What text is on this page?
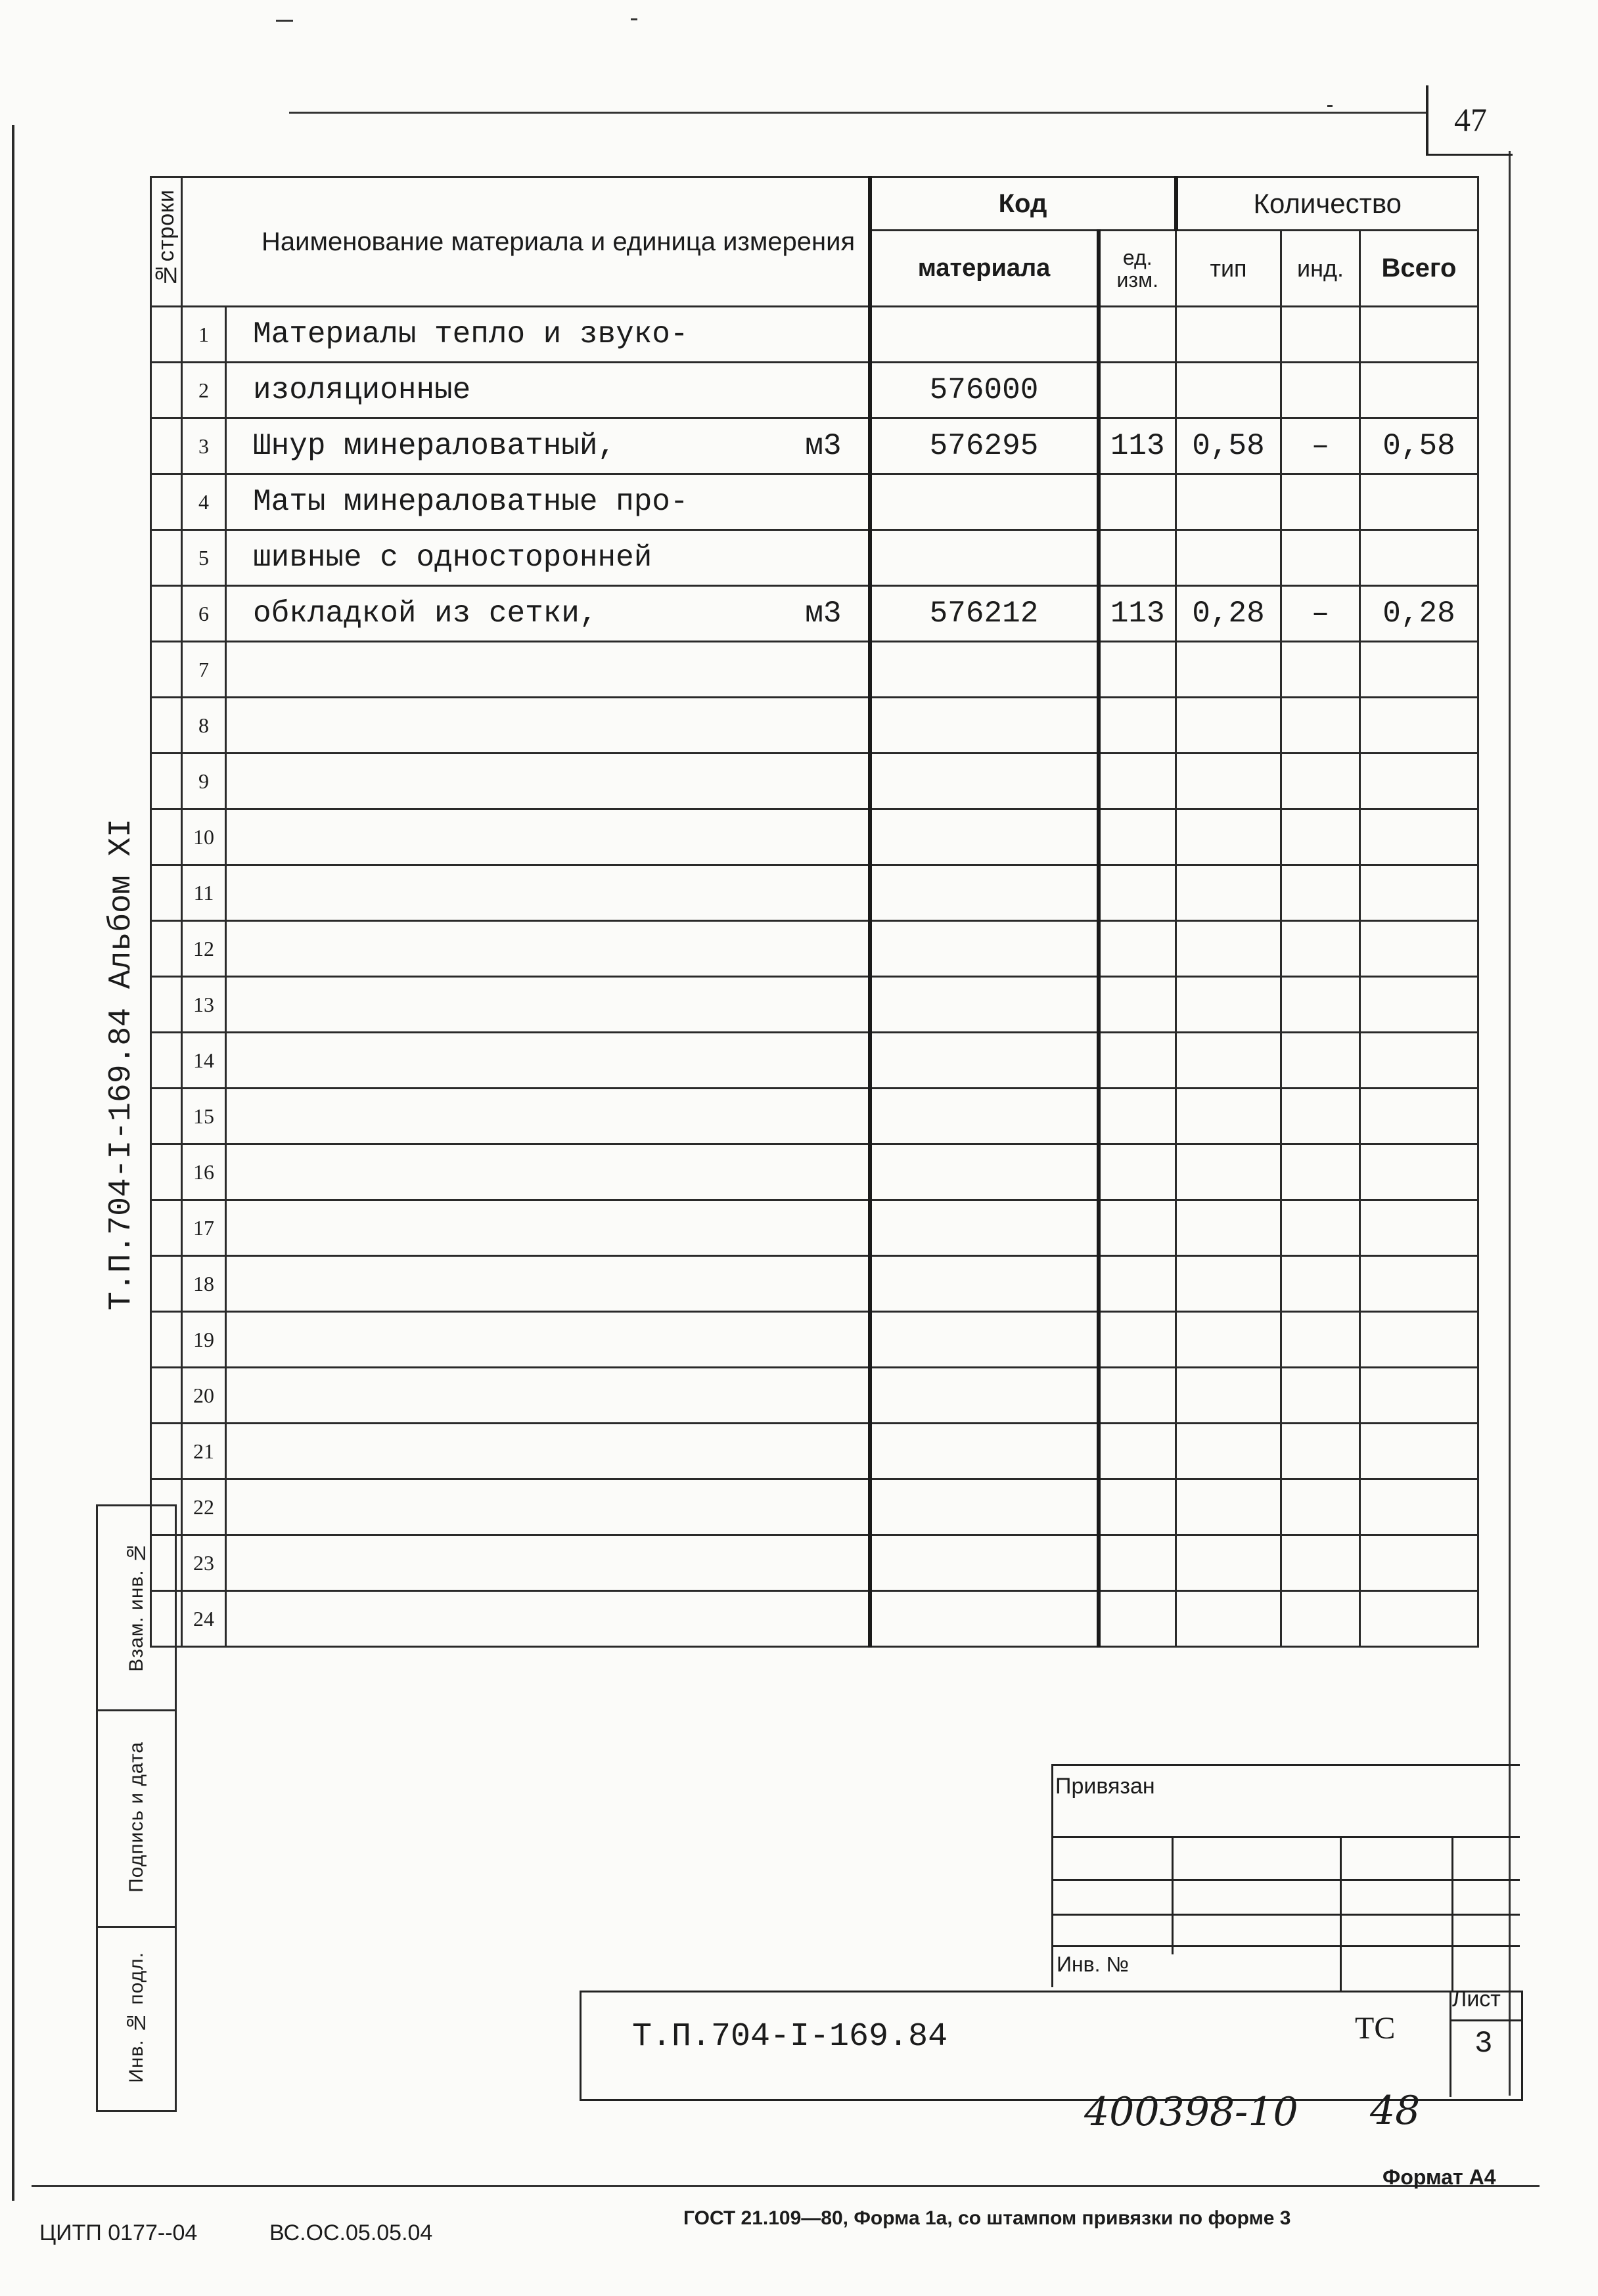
47
№строки	Наименование материала и единица измерения		Код		Количество		
			материала	ед. изм.	тип	инд.	Всего
	1	Материалы тепло и звуко-

	2	изоляционные	576000				
	3	Шнур минераловатный, м3	576295	113	0,58	–	0,58
	4	Маты минераловатные про-

	5	шивные с односторонней

	6	обкладкой из сетки, м3	576212	113	0,28	–	0,28
	7	

	8	

	9	

	10	

	11	

	12	

	13	

	14	

	15	

	16	

	17	

	18	

	19	

	20	

	21	

	22	

	23	

	24	

Т.П.704-I-169.84 Альбом XI
Взам. инв. №
Подпись и дата
Инв. № подл.
Привязан
Инв. №
Т.П.704-I-169.84	ТС
Лист
3
400398-10 48
Формат А4
ЦИТП 0177--04	ВС.ОС.05.05.04
ГОСТ 21.109—80, Форма 1а, со штампом привязки по форме 3
